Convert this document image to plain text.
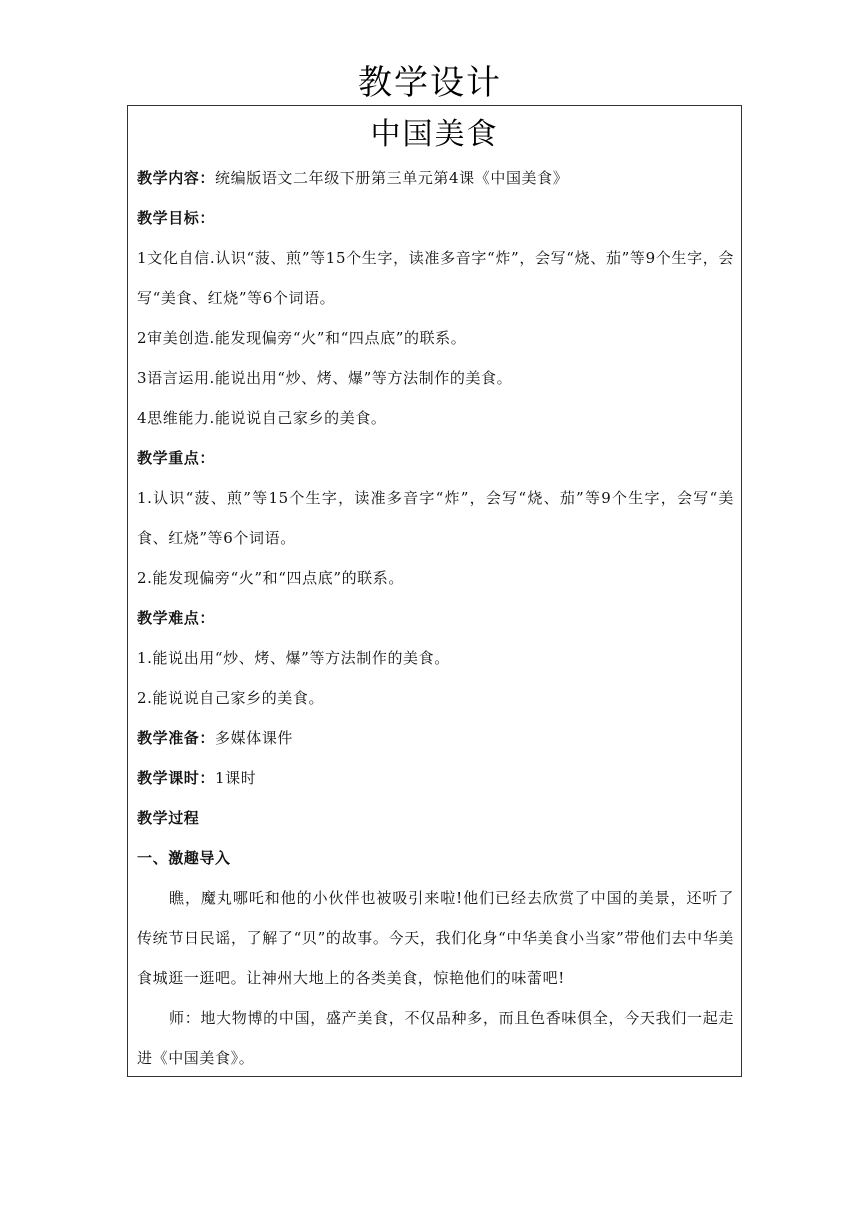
教学设计
中国美食

教学内容：统编版语文二年级下册第三单元第4课《中国美食》

教学目标：

1文化自信.认识“菠、煎”等15个生字，读准多音字“炸”，会写“烧、茄”等9个生字，会写“美食、红烧”等6个词语。

2审美创造.能发现偏旁“火”和“四点底”的联系。

3语言运用.能说出用“炒、烤、爆”等方法制作的美食。

4思维能力.能说说自己家乡的美食。

教学重点：

1.认识“菠、煎”等15个生字，读准多音字“炸”，会写“烧、茄”等9个生字，会写“美食、红烧”等6个词语。

2.能发现偏旁“火”和“四点底”的联系。

教学难点：

1.能说出用“炒、烤、爆”等方法制作的美食。

2.能说说自己家乡的美食。

教学准备：多媒体课件

教学课时：1课时

教学过程

一、激趣导入

瞧，魔丸哪吒和他的小伙伴也被吸引来啦!他们已经去欣赏了中国的美景，还听了传统节日民谣，了解了“贝”的故事。今天，我们化身“中华美食小当家”带他们去中华美食城逛一逛吧。让神州大地上的各类美食，惊艳他们的味蕾吧!

师：地大物博的中国，盛产美食，不仅品种多，而且色香味俱全，今天我们一起走进《中国美食》。
